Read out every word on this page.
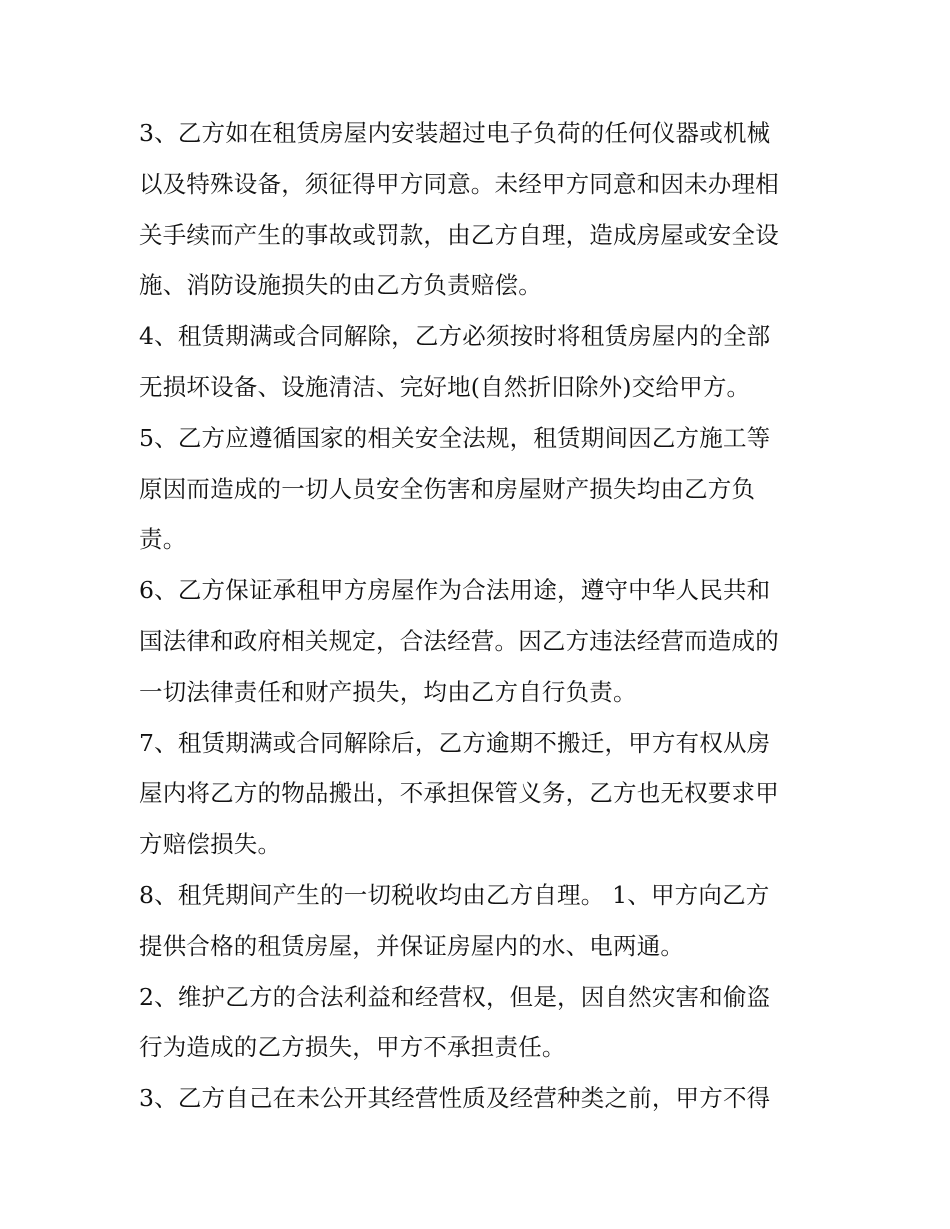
3、乙方如在租赁房屋内安装超过电子负荷的任何仪器或机械
以及特殊设备，须征得甲方同意。未经甲方同意和因未办理相
关手续而产生的事故或罚款，由乙方自理，造成房屋或安全设
施、消防设施损失的由乙方负责赔偿。

4、租赁期满或合同解除，乙方必须按时将租赁房屋内的全部
无损坏设备、设施清洁、完好地(自然折旧除外)交给甲方。

5、乙方应遵循国家的相关安全法规，租赁期间因乙方施工等
原因而造成的一切人员安全伤害和房屋财产损失均由乙方负
责。

6、乙方保证承租甲方房屋作为合法用途，遵守中华人民共和
国法律和政府相关规定，合法经营。因乙方违法经营而造成的
一切法律责任和财产损失，均由乙方自行负责。

7、租赁期满或合同解除后，乙方逾期不搬迁，甲方有权从房
屋内将乙方的物品搬出，不承担保管义务，乙方也无权要求甲
方赔偿损失。

8、租凭期间产生的一切税收均由乙方自理。 1、甲方向乙方
提供合格的租赁房屋，并保证房屋内的水、电两通。

2、维护乙方的合法利益和经营权，但是，因自然灾害和偷盗
行为造成的乙方损失，甲方不承担责任。

3、乙方自己在未公开其经营性质及经营种类之前，甲方不得
